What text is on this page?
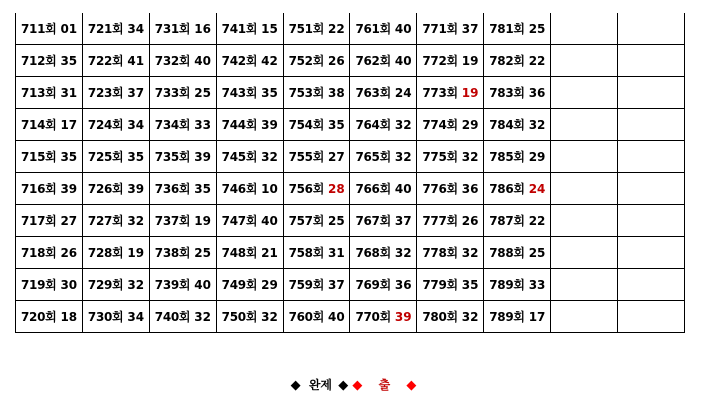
711회 01	721회 34	731회 16	741회 15	751회 22	761회 40	771회 37	781회 25		
712회 35	722회 41	732회 40	742회 42	752회 26	762회 40	772회 19	782회 22		
713회 31	723회 37	733회 25	743회 35	753회 38	763회 24	773회 19	783회 36		
714회 17	724회 34	734회 33	744회 39	754회 35	764회 32	774회 29	784회 32		
715회 35	725회 35	735회 39	745회 32	755회 27	765회 32	775회 32	785회 29		
716회 39	726회 39	736회 35	746회 10	756회 28	766회 40	776회 36	786회 24		
717회 27	727회 32	737회 19	747회 40	757회 25	767회 37	777회 26	787회 22		
718회 26	728회 19	738회 25	748회 21	758회 31	768회 32	778회 32	788회 25		
719회 30	729회 32	739회 40	749회 29	759회 37	769회 36	779회 35	789회 33		
720회 18	730회 34	740회 32	750회 32	760회 40	770회 39	780회 32	789회 17		
◆ 완제 ◆ ◆ 출 ◆
